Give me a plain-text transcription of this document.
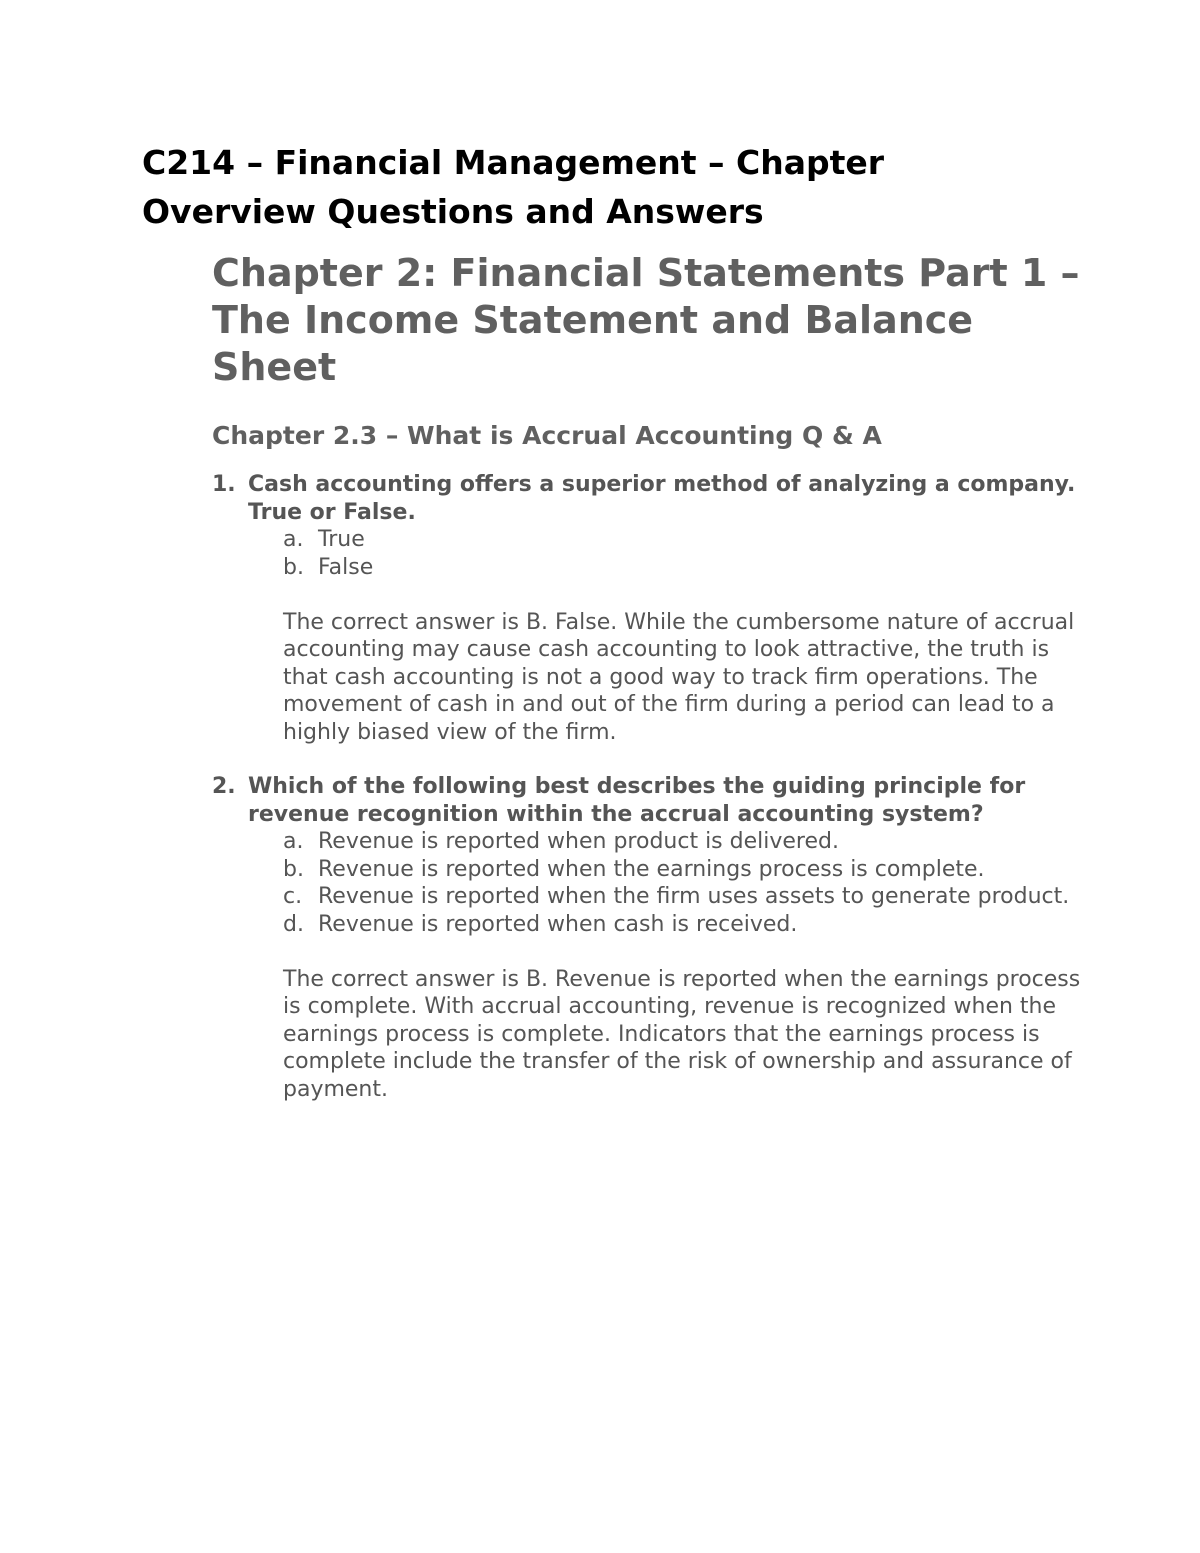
C214 – Financial Management – Chapter Overview Questions and Answers
Chapter 2: Financial Statements Part 1 – The Income Statement and Balance Sheet
Chapter 2.3 – What is Accrual Accounting Q & A
1. Cash accounting offers a superior method of analyzing a company. True or False.

a. True
b. False

The correct answer is B. False. While the cumbersome nature of accrual accounting may cause cash accounting to look attractive, the truth is that cash accounting is not a good way to track firm operations. The movement of cash in and out of the firm during a period can lead to a highly biased view of the firm.

2. Which of the following best describes the guiding principle for revenue recognition within the accrual accounting system?

a. Revenue is reported when product is delivered.
b. Revenue is reported when the earnings process is complete.
c. Revenue is reported when the firm uses assets to generate product.
d. Revenue is reported when cash is received.

The correct answer is B. Revenue is reported when the earnings process is complete. With accrual accounting, revenue is recognized when the earnings process is complete. Indicators that the earnings process is complete include the transfer of the risk of ownership and assurance of payment.
